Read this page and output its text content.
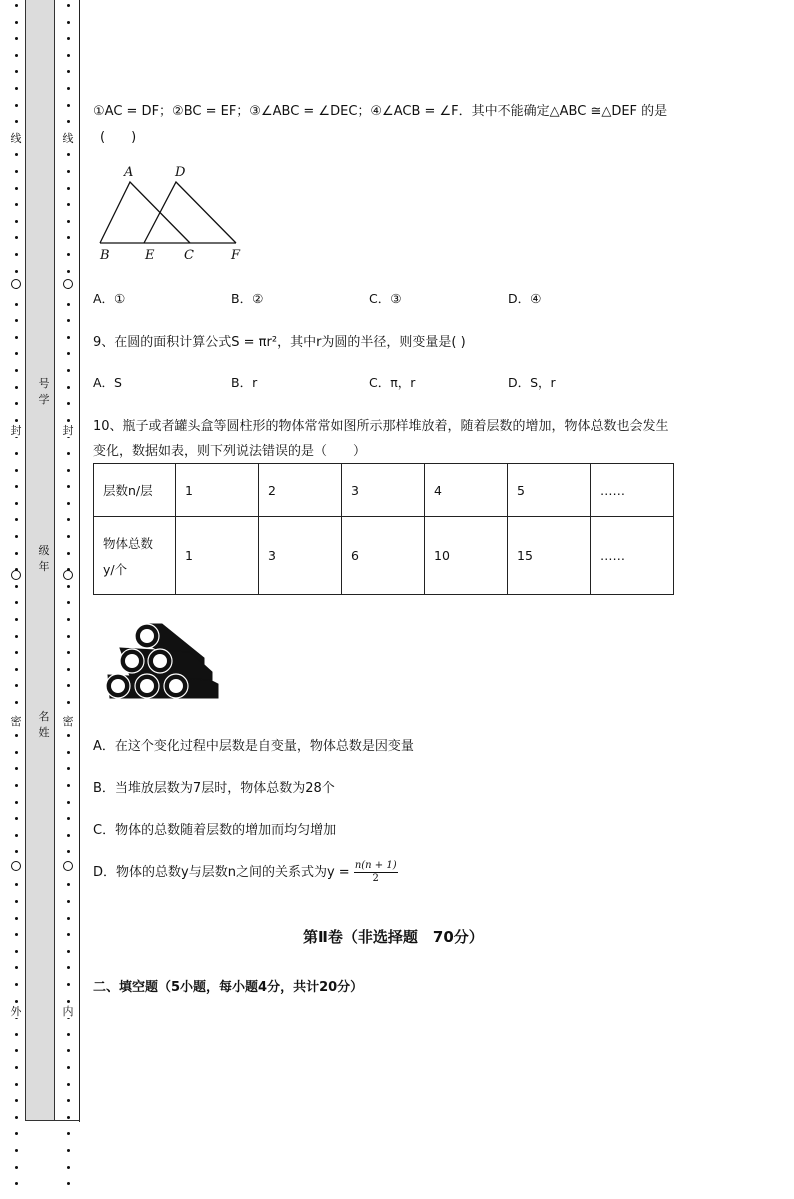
线
封
密
外
线
封
密
内
号
学
级
年
名
姓
①AC = DF；②BC = EF；③∠ABC = ∠DEC；④∠ACB = ∠F．其中不能确定△ABC ≅△DEF 的是
(　　)
A	D
B	E C	F
A．①	B．②	C．③	D．④
9、在圆的面积计算公式S = πr²，其中r为圆的半径，则变量是( )
A．S	B．r	C．π，r	D．S，r
10、瓶子或者罐头盒等圆柱形的物体常常如图所示那样堆放着，随着层数的增加，物体总数也会发生
变化，数据如表，则下列说法错误的是（　　）
层数n/层	1	2	3	4	5	……

物体总数
y/个	1	3	6	10	15	……
A．在这个变化过程中层数是自变量，物体总数是因变量
B．当堆放层数为7层时，物体总数为28个
C．物体的总数随着层数的增加而均匀增加
D．物体的总数y与层数n之间的关系式为$y = \frac{n(n + 1)}{2}$
第Ⅱ卷（非选择题　70分）
二、填空题（5小题，每小题4分，共计20分）
